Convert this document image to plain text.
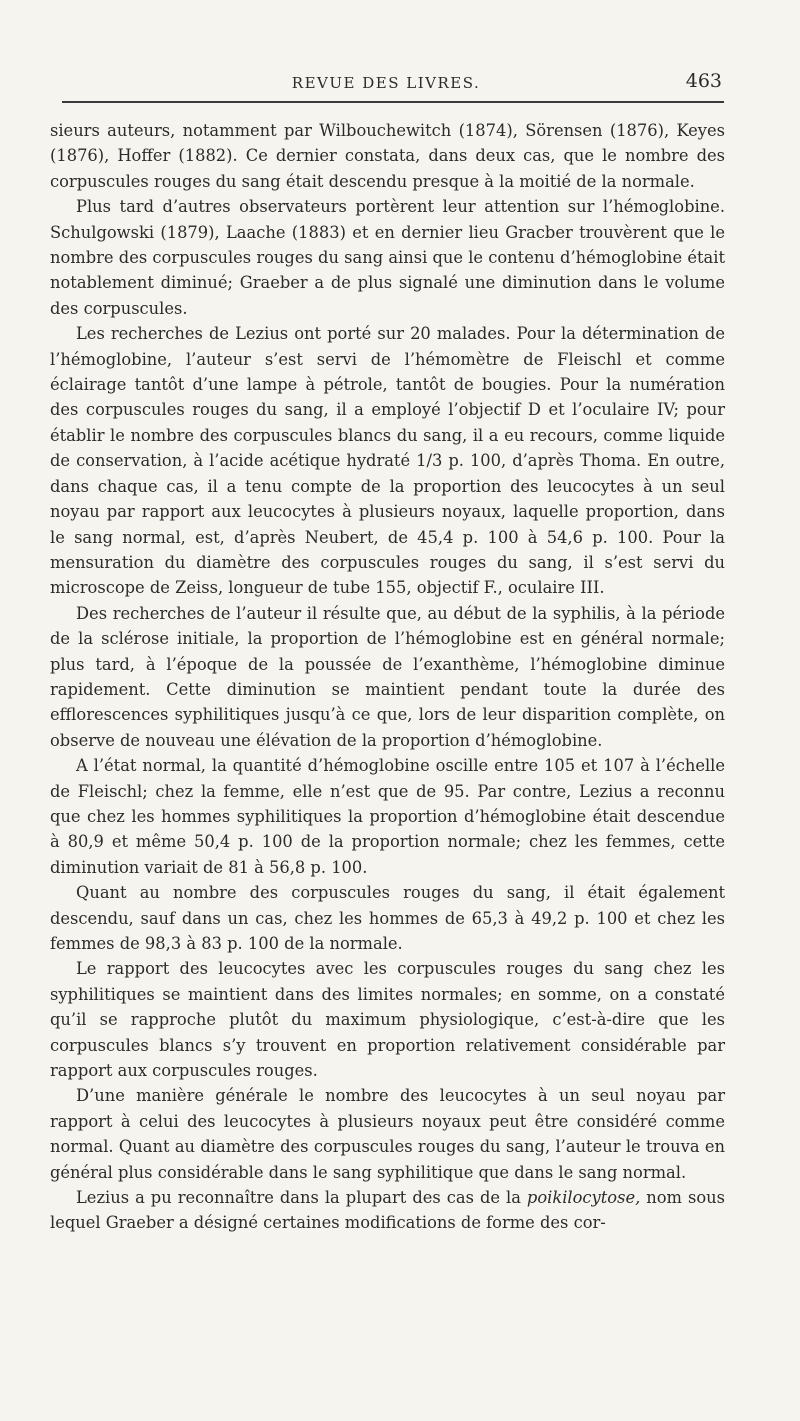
REVUE DES LIVRES.	463

sieurs auteurs, notamment par Wilbouchewitch (1874), Sörensen (1876), Keyes (1876), Hoffer (1882). Ce dernier constata, dans deux cas, que le nombre des corpuscules rouges du sang était descendu presque à la moitié de la normale.

Plus tard d’autres observateurs portèrent leur attention sur l’hémoglobine. Schulgowski (1879), Laache (1883) et en dernier lieu Gracber trouvèrent que le nombre des corpuscules rouges du sang ainsi que le contenu d’hémoglobine était notablement diminué; Graeber a de plus signalé une diminution dans le volume des corpuscules.

Les recherches de Lezius ont porté sur 20 malades. Pour la détermination de l’hémoglobine, l’auteur s’est servi de l’hémomètre de Fleischl et comme éclairage tantôt d’une lampe à pétrole, tantôt de bougies. Pour la numération des corpuscules rouges du sang, il a employé l’objectif D et l’oculaire IV; pour établir le nombre des corpuscules blancs du sang, il a eu recours, comme liquide de conservation, à l’acide acétique hydraté 1/3 p. 100, d’après Thoma. En outre, dans chaque cas, il a tenu compte de la proportion des leucocytes à un seul noyau par rapport aux leucocytes à plusieurs noyaux, laquelle proportion, dans le sang normal, est, d’après Neubert, de 45,4 p. 100 à 54,6 p. 100. Pour la mensuration du diamètre des corpuscules rouges du sang, il s’est servi du microscope de Zeiss, longueur de tube 155, objectif F., oculaire III.

Des recherches de l’auteur il résulte que, au début de la syphilis, à la période de la sclérose initiale, la proportion de l’hémoglobine est en général normale; plus tard, à l’époque de la poussée de l’exanthème, l’hémoglobine diminue rapidement. Cette diminution se maintient pendant toute la durée des efflorescences syphilitiques jusqu’à ce que, lors de leur disparition complète, on observe de nouveau une élévation de la proportion d’hémoglobine.

A l’état normal, la quantité d’hémoglobine oscille entre 105 et 107 à l’échelle de Fleischl; chez la femme, elle n’est que de 95. Par contre, Lezius a reconnu que chez les hommes syphilitiques la proportion d’hémoglobine était descendue à 80,9 et même 50,4 p. 100 de la proportion normale; chez les femmes, cette diminution variait de 81 à 56,8 p. 100.

Quant au nombre des corpuscules rouges du sang, il était également descendu, sauf dans un cas, chez les hommes de 65,3 à 49,2 p. 100 et chez les femmes de 98,3 à 83 p. 100 de la normale.

Le rapport des leucocytes avec les corpuscules rouges du sang chez les syphilitiques se maintient dans des limites normales; en somme, on a constaté qu’il se rapproche plutôt du maximum physiologique, c’est-à-dire que les corpuscules blancs s’y trouvent en proportion relativement considérable par rapport aux corpuscules rouges.

D’une manière générale le nombre des leucocytes à un seul noyau par rapport à celui des leucocytes à plusieurs noyaux peut être considéré comme normal. Quant au diamètre des corpuscules rouges du sang, l’auteur le trouva en général plus considérable dans le sang syphilitique que dans le sang normal.

Lezius a pu reconnaître dans la plupart des cas de la poikilocytose, nom sous lequel Graeber a désigné certaines modifications de forme des cor-
